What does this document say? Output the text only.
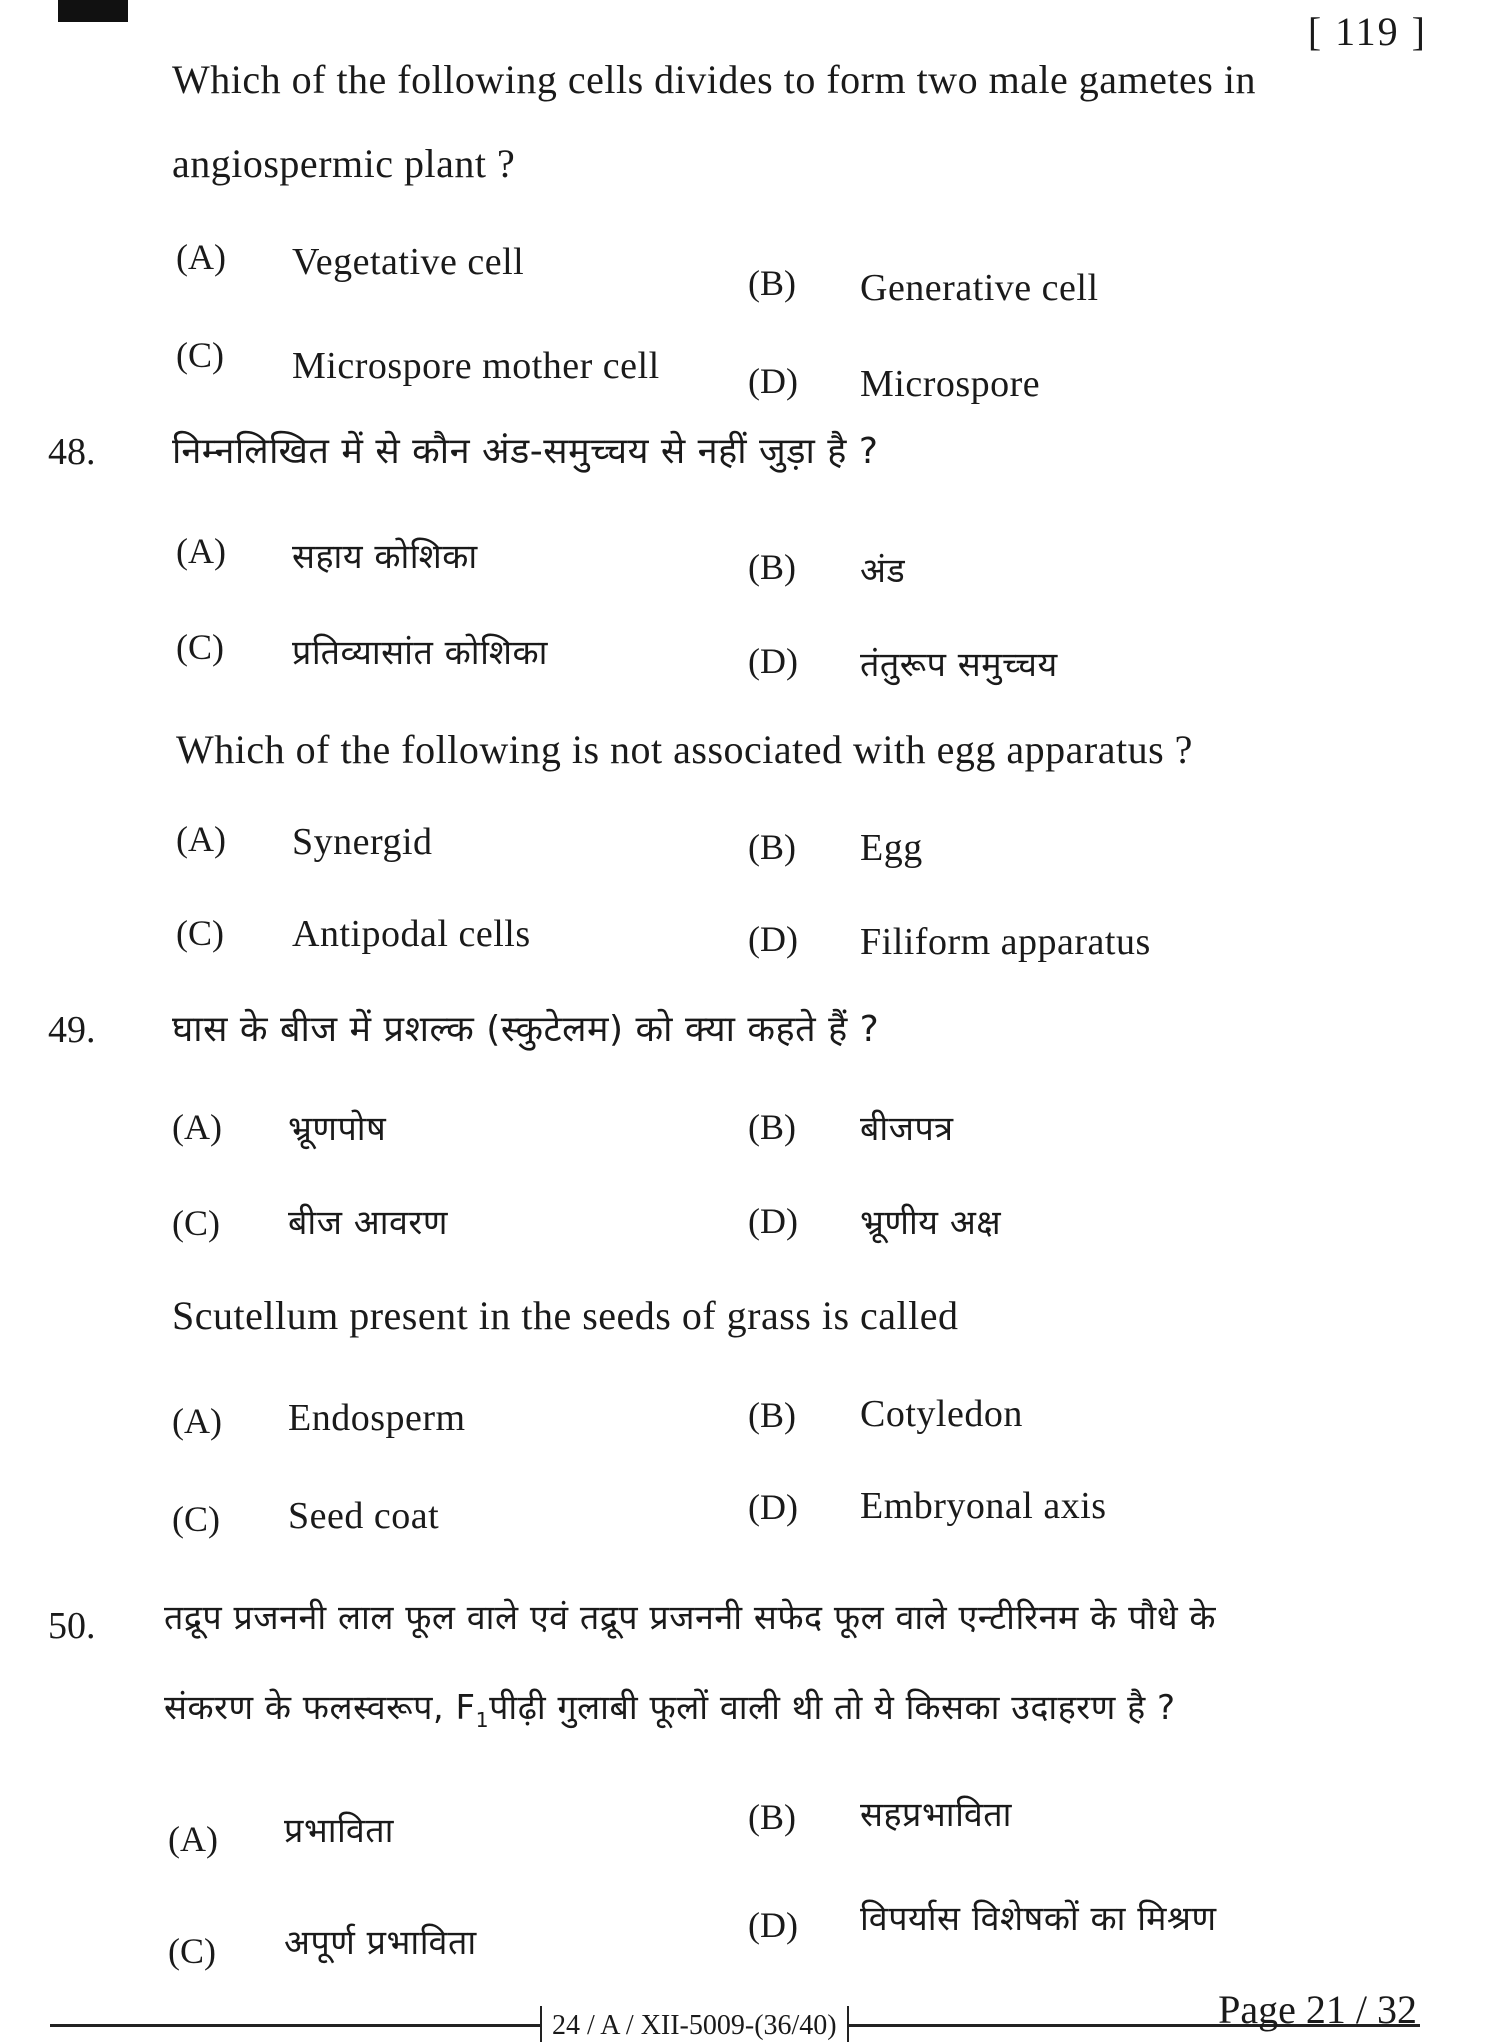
[ 119 ]
Which of the following cells divides to form two male gametes in
angiospermic plant ?
(A) Vegetative cell	(B) Generative cell
(C) Microspore mother cell (D) Microspore
48. निम्नलिखित में से कौन अंड-समुच्चय से नहीं जुड़ा है ?
(A) सहाय कोशिका	(B) अंड
(C) प्रतिव्यासांत कोशिका	(D) तंतुरूप समुच्चय
Which of the following is not associated with egg apparatus ?
(A) Synergid	(B) Egg
(C) Antipodal cells	(D) Filiform apparatus
49. घास के बीज में प्रशल्क (स्कुटेलम) को क्या कहते हैं ?
(A) भ्रूणपोष	(B) बीजपत्र
(C) बीज आवरण	(D) भ्रूणीय अक्ष
Scutellum present in the seeds of grass is called
(A) Endosperm	(B) Cotyledon
(C) Seed coat	(D) Embryonal axis
50. तद्रूप प्रजननी लाल फूल वाले एवं तद्रूप प्रजननी सफेद फूल वाले एन्टीरिनम के पौधे के
संकरण के फलस्वरूप, $F_1पीढ़ी$ गुलाबी फूलों वाली थी तो ये किसका उदाहरण है ?
(A) प्रभाविता	(B) सहप्रभाविता
(C) अपूर्ण प्रभाविता	(D) विपर्यास विशेषकों का मिश्रण
24 / A / XII-5009-(36/40)	Page 21 / 32
